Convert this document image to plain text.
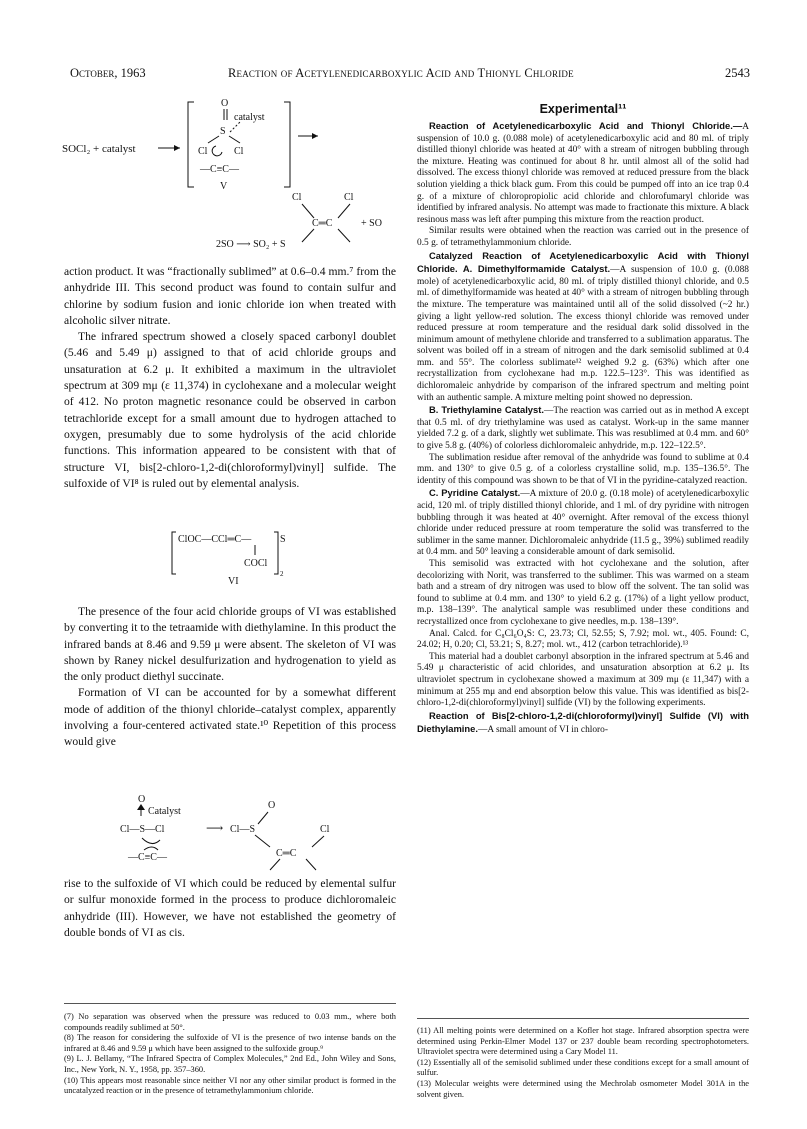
October, 1963	Reaction of Acetylenedicarboxylic Acid and Thionyl Chloride	2543
SOCl₂ + catalyst
O
catalyst
S
Cl	Cl
—C≡C—
V
Cl	Cl
C═C	+ SO
2SO ⟶ SO₂ + S

action product. It was “fractionally sublimed” at 0.6–0.4 mm.⁷ from the anhydride III. This second product was found to contain sulfur and chlorine by sodium fusion and ionic chloride ion when treated with alcoholic silver nitrate.

The infrared spectrum showed a closely spaced carbonyl doublet (5.46 and 5.49 μ) assigned to that of acid chloride groups and unsaturation at 6.2 μ. It exhibited a maximum in the ultraviolet spectrum at 309 mμ (ε 11,374) in cyclohexane and a molecular weight of 412. No proton magnetic resonance could be observed in carbon tetrachloride except for a small amount due to hydrogen attached to oxygen, presumably due to some hydrolysis of the acid chloride functions. This information appeared to be consistent with that of structure VI, bis[2-chloro-1,2-di(chloroformyl)vinyl] sulfide. The sulfoxide of VI⁸ is ruled out by elemental analysis.

ClOC—CCl═C—	S
COCl
2
VI

The presence of the four acid chloride groups of VI was established by converting it to the tetraamide with diethylamine. In this product the infrared bands at 8.46 and 9.59 μ were absent. The skeleton of VI was shown by Raney nickel desulfurization and hydrogenation to yield as the only product diethyl succinate.

Formation of VI can be accounted for by a somewhat different mode of addition of the thionyl chloride–catalyst complex, apparently involving a four-centered activated state.¹⁰ Repetition of this process would give

O
Catalyst
Cl—S—Cl
—C≡C—
⟶ Cl—S
O
Cl
C═C

rise to the sulfoxide of VI which could be reduced by elemental sulfur or sulfur monoxide formed in the process to produce dichloromaleic anhydride (III). However, we have not established the geometry of double bonds of VI as cis.

(7) No separation was observed when the pressure was reduced to 0.03 mm., where both compounds readily sublimed at 50°.

(8) The reason for considering the sulfoxide of VI is the presence of two intense bands on the infrared at 8.46 and 9.59 μ which have been assigned to the sulfoxide group.⁹

(9) L. J. Bellamy, “The Infrared Spectra of Complex Molecules,” 2nd Ed., John Wiley and Sons, Inc., New York, N. Y., 1958, pp. 357–360.

(10) This appears most reasonable since neither VI nor any other similar product is formed in the uncatalyzed reaction or in the presence of tetramethylammonium chloride.

Experimental¹¹

Reaction of Acetylenedicarboxylic Acid and Thionyl Chloride.—A suspension of 10.0 g. (0.088 mole) of acetylenedicarboxylic acid and 80 ml. of triply distilled thionyl chloride was heated at 40° with a stream of nitrogen bubbling through the mixture. Heating was continued for about 8 hr. until almost all of the solid had dissolved. The excess thionyl chloride was removed at reduced pressure from the black solution yielding a thick black gum. From this could be pumped off into an ice trap 0.4 g. of a mixture of chloropropiolic acid chloride and chlorofumaryl chloride was identified by infrared analysis. No attempt was made to fractionate this mixture. A black resinous mass was left after pumping this mixture from the reaction product.

Similar results were obtained when the reaction was carried out in the presence of 0.5 g. of tetramethylammonium chloride.

Catalyzed Reaction of Acetylenedicarboxylic Acid with Thionyl Chloride. A. Dimethylformamide Catalyst.—A suspension of 10.0 g. (0.088 mole) of acetylenedicarboxylic acid, 80 ml. of triply distilled thionyl chloride, and 0.5 ml. of dimethylformamide was heated at 40° with a stream of nitrogen bubbling through the mixture. The temperature was maintained until all of the solid dissolved (~2 hr.) giving a light yellow-red solution. The excess thionyl chloride was removed under reduced pressure at room temperature and the residual dark solid dissolved in the minimum amount of methylene chloride and transferred to a sublimation apparatus. The solvent was boiled off in a stream of nitrogen and the dark semisolid sublimed at 0.4 mm. and 55°. The colorless sublimate¹² weighed 9.2 g. (63%) which after one recrystallization from cyclohexane had m.p. 122.5–123°. This was identified as dichloromaleic anhydride by comparison of the infrared spectrum and melting point with an authentic sample. A mixture melting point showed no depression.

B. Triethylamine Catalyst.—The reaction was carried out as in method A except that 0.5 ml. of dry triethylamine was used as catalyst. Work-up in the same manner yielded 7.2 g. of a dark, slightly wet sublimate. This was resublimed at 0.4 mm. and 60° to give 5.8 g. (40%) of colorless dichloromaleic anhydride, m.p. 122–122.5°.

The sublimation residue after removal of the anhydride was found to sublime at 0.4 mm. and 130° to give 0.5 g. of a colorless crystalline solid, m.p. 135–136.5°. The identity of this compound was shown to be that of VI in the pyridine-catalyzed reaction.

C. Pyridine Catalyst.—A mixture of 20.0 g. (0.18 mole) of acetylenedicarboxylic acid, 120 ml. of triply distilled thionyl chloride, and 1 ml. of dry pyridine with nitrogen bubbling through it was heated at 40° overnight. After removal of the excess thionyl chloride under reduced pressure at room temperature the solid was transferred to the sublimer in the same manner. Dichloromaleic anhydride (11.5 g., 39%) sublimed readily at 0.4 mm. and 50° leaving a considerable amount of dark semisolid.

This semisolid was extracted with hot cyclohexane and the solution, after decolorizing with Norit, was transferred to the sublimer. This was warmed on a steam bath and a stream of dry nitrogen was used to blow off the solvent. The tan solid was found to sublime at 0.4 mm. and 130° to yield 6.2 g. (17%) of a light yellow product, m.p. 138–139°. The analytical sample was resublimed under these conditions and recrystallized once from cyclohexane to give needles, m.p. 138–139°.

Anal. Calcd. for C₈Cl₆O₄S: C, 23.73; Cl, 52.55; S, 7.92; mol. wt., 405. Found: C, 24.02; H, 0.20; Cl, 53.21; S, 8.27; mol. wt., 412 (carbon tetrachloride).¹³

This material had a doublet carbonyl absorption in the infrared spectrum at 5.46 and 5.49 μ characteristic of acid chlorides, and unsaturation absorption at 6.2 μ. Its ultraviolet spectrum in cyclohexane showed a maximum at 309 mμ (ε 11,347) with a minimum at 255 mμ and end absorption below this value. This was identified as bis[2-chloro-1,2-di(chloroformyl)vinyl] sulfide (VI) by the following experiments.

Reaction of Bis[2-chloro-1,2-di(chloroformyl)vinyl] Sulfide (VI) with Diethylamine.—A small amount of VI in chloro-

(11) All melting points were determined on a Kofler hot stage. Infrared absorption spectra were determined using Perkin-Elmer Model 137 or 237 double beam recording spectrophotometers. Ultraviolet spectra were determined using a Cary Model 11.

(12) Essentially all of the semisolid sublimed under these conditions except for a small amount of sulfur.

(13) Molecular weights were determined using the Mechrolab osmometer Model 301A in the solvent given.
